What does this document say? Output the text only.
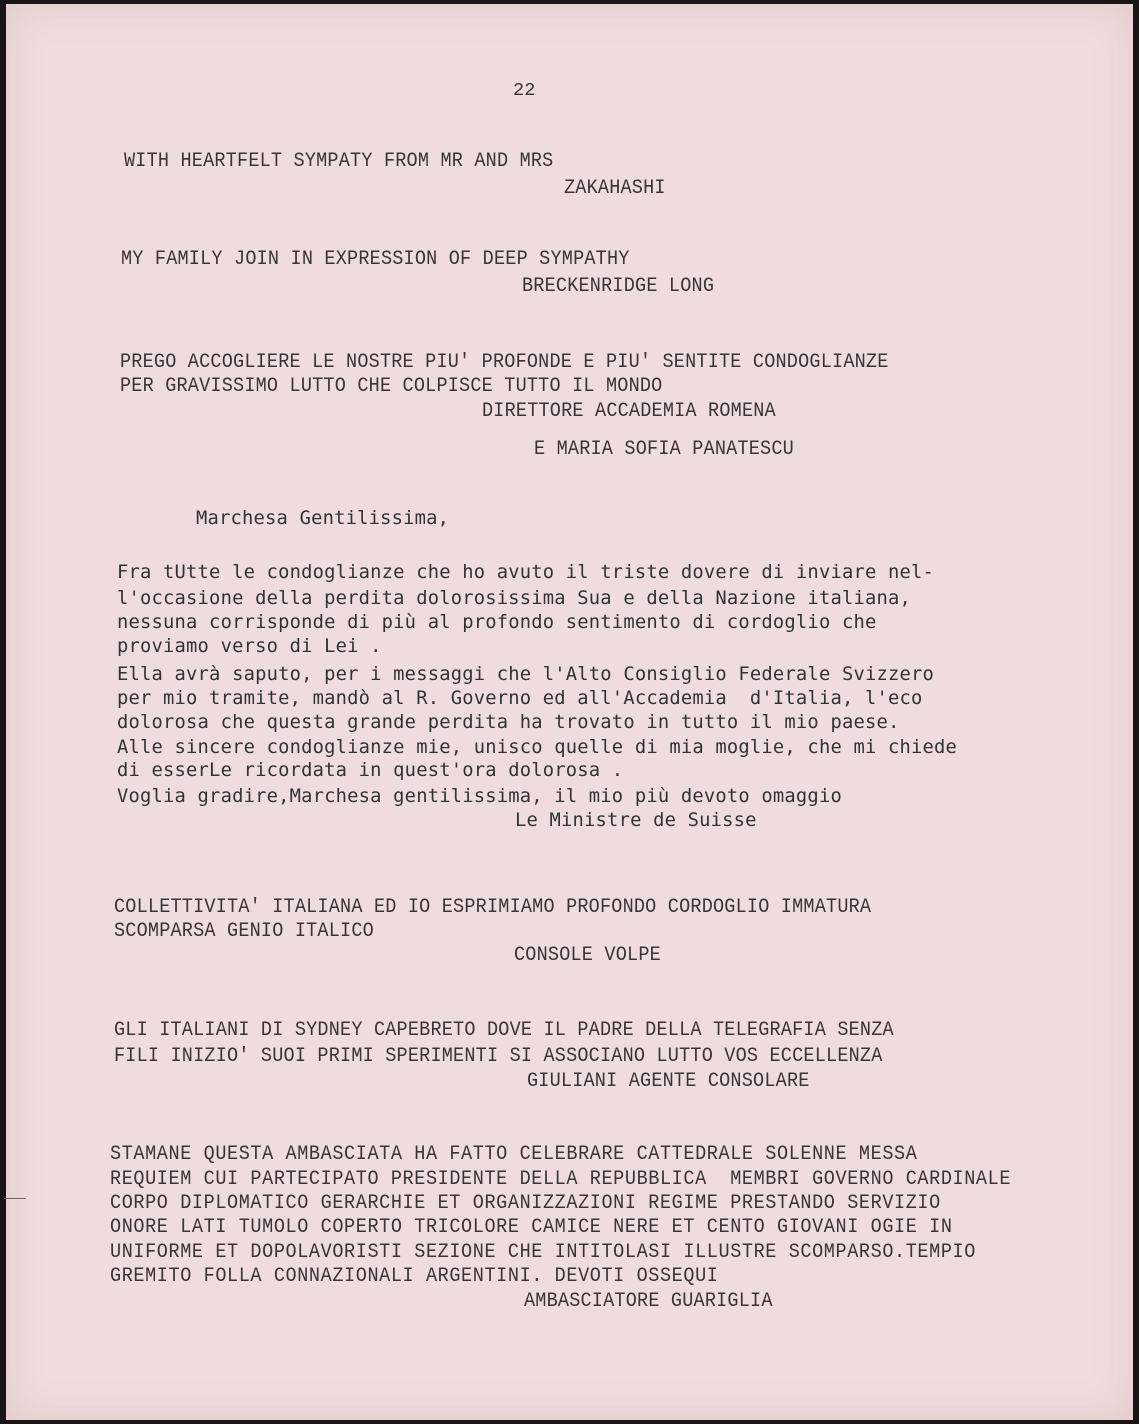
22
WITH HEARTFELT SYMPATY FROM MR AND MRS
ZAKAHASHI
MY FAMILY JOIN IN EXPRESSION OF DEEP SYMPATHY
BRECKENRIDGE LONG
PREGO ACCOGLIERE LE NOSTRE PIU' PROFONDE E PIU' SENTITE CONDOGLIANZE
PER GRAVISSIMO LUTTO CHE COLPISCE TUTTO IL MONDO
DIRETTORE ACCADEMIA ROMENA
E MARIA SOFIA PANATESCU
Marchesa Gentilissima,
Fra tUtte le condoglianze che ho avuto il triste dovere di inviare nel-
l'occasione della perdita dolorosissima Sua e della Nazione italiana,
nessuna corrisponde di più al profondo sentimento di cordoglio che
proviamo verso di Lei .
Ella avrà saputo, per i messaggi che l'Alto Consiglio Federale Svizzero
per mio tramite, mandò al R. Governo ed all'Accademia  d'Italia, l'eco
dolorosa che questa grande perdita ha trovato in tutto il mio paese.
Alle sincere condoglianze mie, unisco quelle di mia moglie, che mi chiede
di esserLe ricordata in quest'ora dolorosa .
Voglia gradire,Marchesa gentilissima, il mio più devoto omaggio
Le Ministre de Suisse
COLLETTIVITA' ITALIANA ED IO ESPRIMIAMO PROFONDO CORDOGLIO IMMATURA
SCOMPARSA GENIO ITALICO
CONSOLE VOLPE
GLI ITALIANI DI SYDNEY CAPEBRETO DOVE IL PADRE DELLA TELEGRAFIA SENZA
FILI INIZIO' SUOI PRIMI SPERIMENTI SI ASSOCIANO LUTTO VOS ECCELLENZA
GIULIANI AGENTE CONSOLARE
STAMANE QUESTA AMBASCIATA HA FATTO CELEBRARE CATTEDRALE SOLENNE MESSA
REQUIEM CUI PARTECIPATO PRESIDENTE DELLA REPUBBLICA  MEMBRI GOVERNO CARDINALE
CORPO DIPLOMATICO GERARCHIE ET ORGANIZZAZIONI REGIME PRESTANDO SERVIZIO
ONORE LATI TUMOLO COPERTO TRICOLORE CAMICE NERE ET CENTO GIOVANI OGIE IN
UNIFORME ET DOPOLAVORISTI SEZIONE CHE INTITOLASI ILLUSTRE SCOMPARSO.TEMPIO
GREMITO FOLLA CONNAZIONALI ARGENTINI. DEVOTI OSSEQUI
AMBASCIATORE GUARIGLIA
